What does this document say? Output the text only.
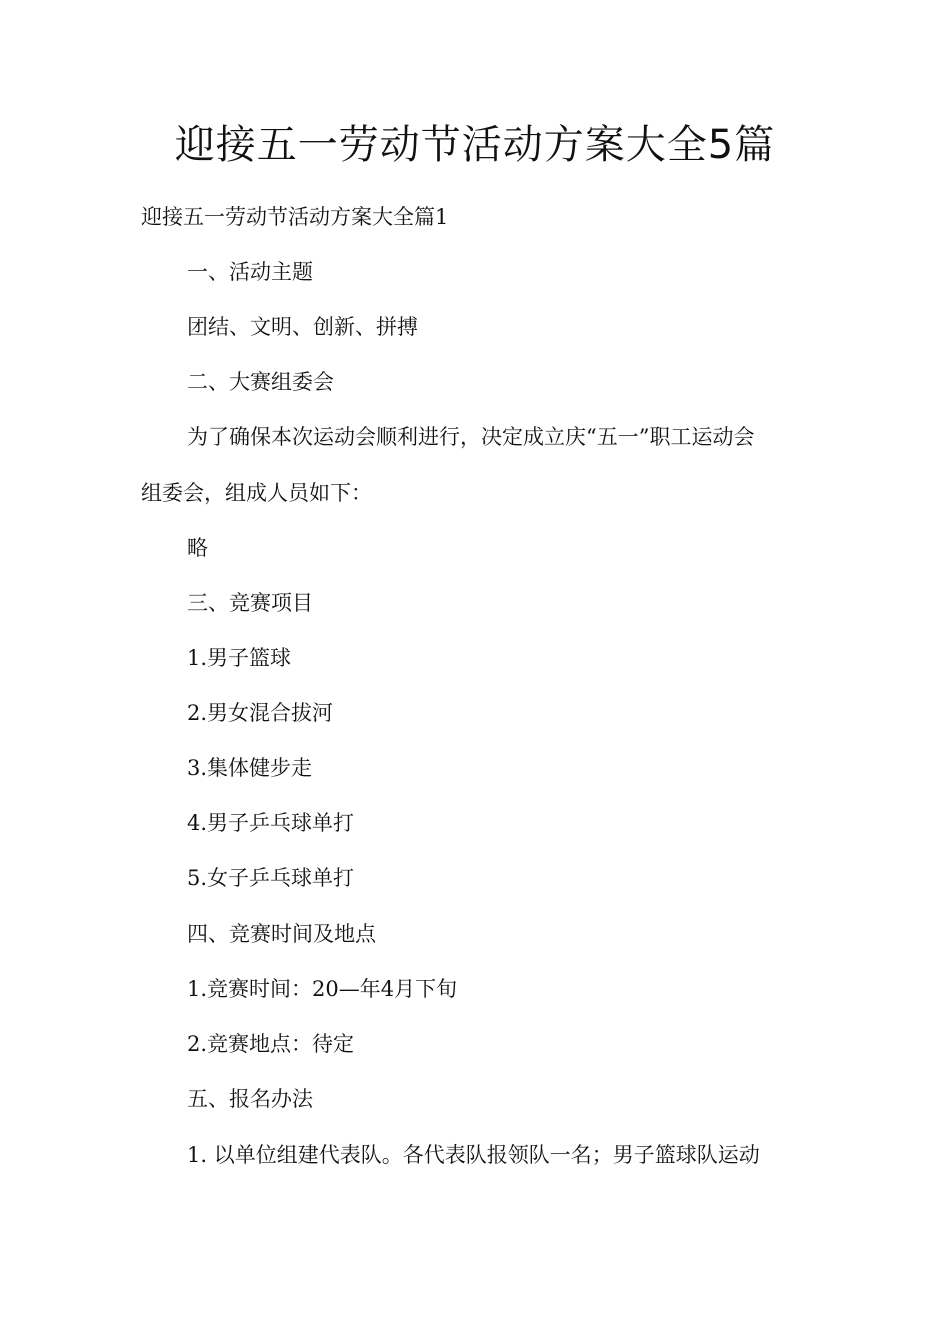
迎接五一劳动节活动方案大全5篇

迎接五一劳动节活动方案大全篇1

一、活动主题

团结、文明、创新、拼搏

二、大赛组委会

为了确保本次运动会顺利进行，决定成立庆“五一”职工运动会

组委会，组成人员如下：

略

三、竞赛项目

1.男子篮球

2.男女混合拔河

3.集体健步走

4.男子乒乓球单打

5.女子乒乓球单打

四、竞赛时间及地点

1.竞赛时间：20—年4月下旬

2.竞赛地点：待定

五、报名办法

1. 以单位组建代表队。各代表队报领队一名；男子篮球队运动
